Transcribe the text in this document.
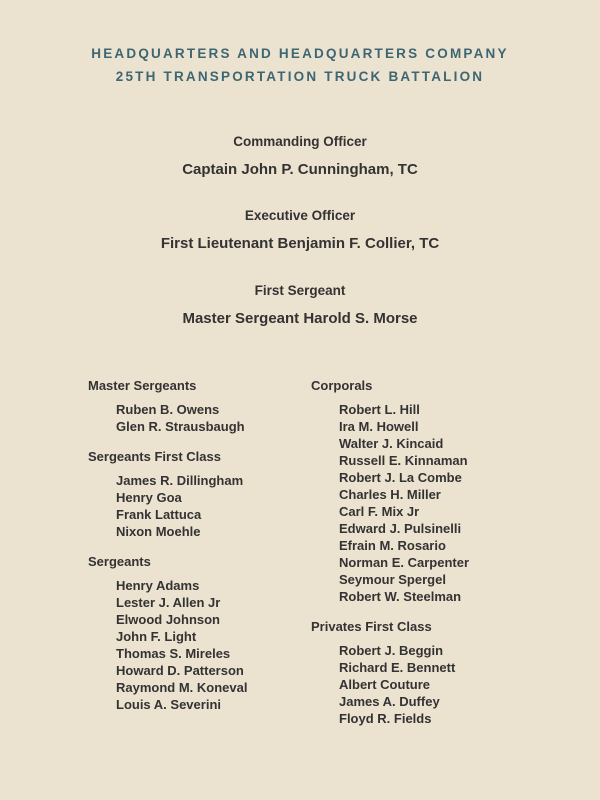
HEADQUARTERS AND HEADQUARTERS COMPANY
25TH TRANSPORTATION TRUCK BATTALION
Commanding Officer
Captain John P. Cunningham, TC
Executive Officer
First Lieutenant Benjamin F. Collier, TC
First Sergeant
Master Sergeant Harold S. Morse
Master Sergeants
Ruben B. Owens
Glen R. Strausbaugh
Sergeants First Class
James R. Dillingham
Henry Goa
Frank Lattuca
Nixon Moehle
Sergeants
Henry Adams
Lester J. Allen Jr
Elwood Johnson
John F. Light
Thomas S. Mireles
Howard D. Patterson
Raymond M. Koneval
Louis A. Severini
Corporals
Robert L. Hill
Ira M. Howell
Walter J. Kincaid
Russell E. Kinnaman
Robert J. La Combe
Charles H. Miller
Carl F. Mix Jr
Edward J. Pulsinelli
Efrain M. Rosario
Norman E. Carpenter
Seymour Spergel
Robert W. Steelman
Privates First Class
Robert J. Beggin
Richard E. Bennett
Albert Couture
James A. Duffey
Floyd R. Fields
